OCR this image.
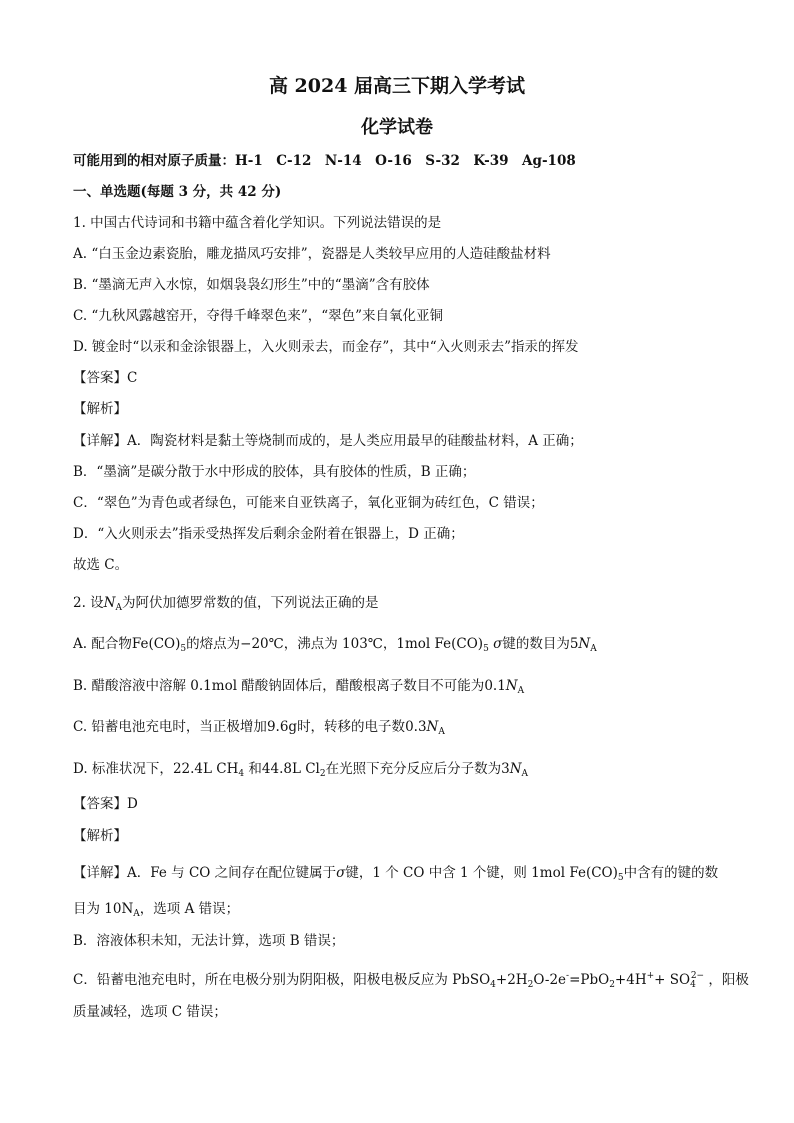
高 2024 届高三下期入学考试
化学试卷
可能用到的相对原子质量：H-1　C-12　N-14　O-16　S-32　K-39　Ag-108
一、单选题(每题 3 分，共 42 分)
1. 中国古代诗词和书籍中蕴含着化学知识。下列说法错误的是
A. “白玉金边素瓷胎，雕龙描凤巧安排”，瓷器是人类较早应用的人造硅酸盐材料
B. “墨滴无声入水惊，如烟袅袅幻形生”中的“墨滴”含有胶体
C. “九秋风露越窑开，夺得千峰翠色来”，“翠色”来自氧化亚铜
D. 镀金时“以汞和金涂银器上，入火则汞去，而金存”，其中“入火则汞去”指汞的挥发
【答案】C
【解析】
【详解】A．陶瓷材料是黏土等烧制而成的，是人类应用最早的硅酸盐材料，A 正确；
B．“墨滴”是碳分散于水中形成的胶体，具有胶体的性质，B 正确；
C．“翠色”为青色或者绿色，可能来自亚铁离子，氧化亚铜为砖红色，C 错误；
D．“入火则汞去”指汞受热挥发后剩余金附着在银器上，D 正确；
故选 C。
2. 设$N_A$为阿伏加德罗常数的值，下列说法正确的是
A. 配合物$Fe(CO)_5$的熔点为−20℃，沸点为 103℃，1mol $Fe(CO)_5$ σ键的数目为$5N_A$
B. 醋酸溶液中溶解 0.1mol 醋酸钠固体后，醋酸根离子数目不可能为$0.1N_A$
C. 铅蓄电池充电时，当正极增加9.6g时，转移的电子数$0.3N_A$
D. 标准状况下，22.4L $CH_4$ 和44.8L $Cl_2$在光照下充分反应后分子数为$3N_A$
【答案】D
【解析】
【详解】A．Fe 与 CO 之间存在配位键属于σ键，1 个 CO 中含 1 个键，则 1mol $Fe(CO)_5$中含有的键的数
目为 $10N_A$，选项 A 错误；
B．溶液体积未知，无法计算，选项 B 错误；
C．铅蓄电池充电时，所在电极分别为阴阳极，阳极电极反应为 $PbSO_4+2H_2O-2e^-=PbO_2+4H^++ SO_4^{2-}$ ，阳极
质量减轻，选项 C 错误；
